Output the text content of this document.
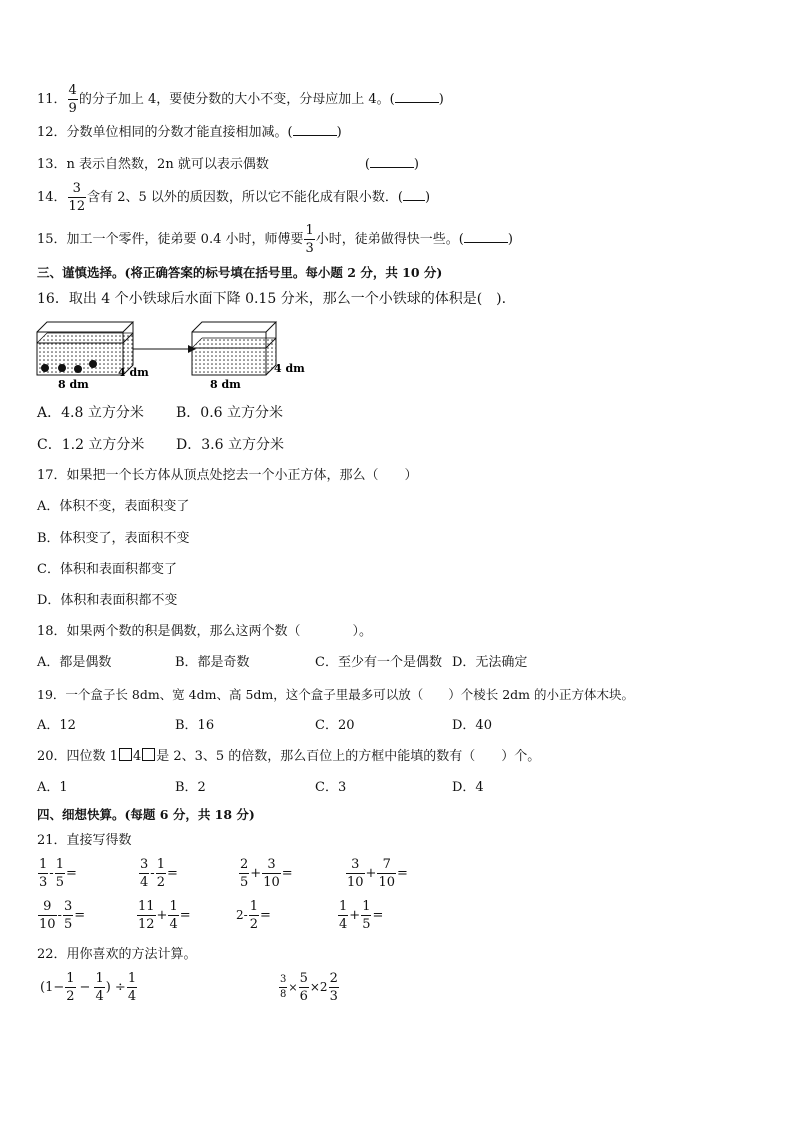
11． $\frac{4}{9}$ 的分子加上 4，要使分数的大小不变，分母应加上 4。(	)
12．分数单位相同的分数才能直接相加减。(	)
13．n 表示自然数，2n 就可以表示偶数	(	)
14． $\frac{3}{12}$ 含有 2、5 以外的质因数，所以它不能化成有限小数．( )
15．加工一个零件，徒弟要 0.4 小时，师傅要 $\frac{1}{3}$ 小时，徒弟做得快一些。(	)
三、谨慎选择。(将正确答案的标号填在括号里。每小题 2 分，共 10 分)
16．取出 4 个小铁球后水面下降 0.15 分米，那么一个小铁球的体积是(　).
8 dm
4 dm
8 dm
4 dm
A．4.8 立方分米 B．0.6 立方分米
C．1.2 立方分米 D．3.6 立方分米
17．如果把一个长方体从顶点处挖去一个小正方体，那么（　　）
A．体积不变，表面积变了
B．体积变了，表面积不变
C．体积和表面积都变了
D．体积和表面积都不变
18．如果两个数的积是偶数，那么这两个数（　　　　）。
A．都是偶数	B．都是奇数	C．至少有一个是偶数 D．无法确定
19．一个盒子长 8dm、宽 4dm、高 5dm，这个盒子里最多可以放（　　）个棱长 2dm 的小正方体木块。
A．12	B．16	C．20	D．40
20．四位数 1 4 是 2、3、5 的倍数，那么百位上的方框中能填的数有（　　）个。
A．1	B．2	C．3	D．4
四、细想快算。(每题 6 分，共 18 分)
21．直接写得数
$\frac{1}{3} - \frac{1}{5}$ =	$\frac{3}{4} - \frac{1}{2}$ =	$\frac{2}{5} + \frac{3}{10}$ =	$\frac{3}{10} + \frac{7}{10}$ =
$\frac{9}{10} - \frac{3}{5}$ =	$\frac{11}{12} + \frac{1}{4}$ =	$2- \frac{1}{2}$ =	$\frac{1}{4} + \frac{1}{5}$ =
22．用你喜欢的方法计算。
($1- \frac{1}{2} - \frac{1}{4}$ ) ÷ $\frac{1}{4}$	$\frac{3}{8} \times \frac{5}{6} \times 2 \frac{2}{3}$
